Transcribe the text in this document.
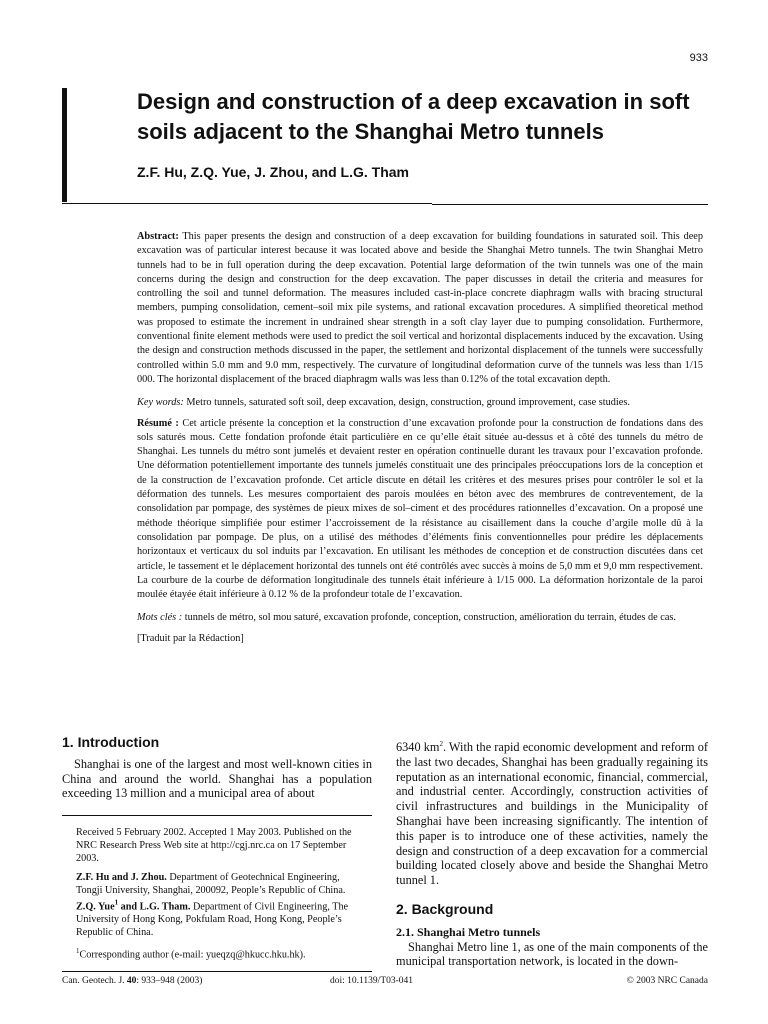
933
Design and construction of a deep excavation in soft soils adjacent to the Shanghai Metro tunnels

Z.F. Hu, Z.Q. Yue, J. Zhou, and L.G. Tham

Abstract: This paper presents the design and construction of a deep excavation for building foundations in saturated soil. This deep excavation was of particular interest because it was located above and beside the Shanghai Metro tunnels. The twin Shanghai Metro tunnels had to be in full operation during the deep excavation. Potential large deformation of the twin tunnels was one of the main concerns during the design and construction for the deep excavation. The paper discusses in detail the criteria and measures for controlling the soil and tunnel deformation. The measures included cast-in-place concrete diaphragm walls with bracing structural members, pumping consolidation, cement–soil mix pile systems, and rational excavation procedures. A simplified theoretical method was proposed to estimate the increment in undrained shear strength in a soft clay layer due to pumping consolidation. Furthermore, conventional finite element methods were used to predict the soil vertical and horizontal displacements induced by the excavation. Using the design and construction methods discussed in the paper, the settlement and horizontal displacement of the tunnels were successfully controlled within 5.0 mm and 9.0 mm, respectively. The curvature of longitudinal deformation curve of the tunnels was less than 1/15 000. The horizontal displacement of the braced diaphragm walls was less than 0.12% of the total excavation depth.

Key words: Metro tunnels, saturated soft soil, deep excavation, design, construction, ground improvement, case studies.

Résumé : Cet article présente la conception et la construction d’une excavation profonde pour la construction de fondations dans des sols saturés mous. Cette fondation profonde était particulière en ce qu’elle était située au-dessus et à côté des tunnels du métro de Shanghai. Les tunnels du métro sont jumelés et devaient rester en opération continuelle durant les travaux pour l’excavation profonde. Une déformation potentiellement importante des tunnels jumelés constituait une des principales préoccupations lors de la conception et de la construction de l’excavation profonde. Cet article discute en détail les critères et des mesures prises pour contrôler le sol et la déformation des tunnels. Les mesures comportaient des parois moulées en béton avec des membrures de contreventement, de la consolidation par pompage, des systèmes de pieux mixes de sol–ciment et des procédures rationnelles d’excavation. On a proposé une méthode théorique simplifiée pour estimer l’accroissement de la résistance au cisaillement dans la couche d’argile molle dû à la consolidation par pompage. De plus, on a utilisé des méthodes d’éléments finis conventionnelles pour prédire les déplacements horizontaux et verticaux du sol induits par l’excavation. En utilisant les méthodes de conception et de construction discutées dans cet article, le tassement et le déplacement horizontal des tunnels ont été contrôlés avec succès à moins de 5,0 mm et 9,0 mm respectivement. La courbure de la courbe de déformation longitudinale des tunnels était inférieure à 1/15 000. La déformation horizontale de la paroi moulée étayée était inférieure à 0.12 % de la profondeur totale de l’excavation.

Mots clés : tunnels de métro, sol mou saturé, excavation profonde, conception, construction, amélioration du terrain, études de cas.

[Traduit par la Rédaction]

1. Introduction

Shanghai is one of the largest and most well-known cities in China and around the world. Shanghai has a population exceeding 13 million and a municipal area of about

Received 5 February 2002. Accepted 1 May 2003. Published on the NRC Research Press Web site at http://cgj.nrc.ca on 17 September 2003.

Z.F. Hu and J. Zhou. Department of Geotechnical Engineering, Tongji University, Shanghai, 200092, People’s Republic of China.

Z.Q. Yue$^1$ and L.G. Tham. Department of Civil Engineering, The University of Hong Kong, Pokfulam Road, Hong Kong, People’s Republic of China.

$^1$Corresponding author (e-mail: yueqzq@hkucc.hku.hk).

6340 $km^2$. With the rapid economic development and reform of the last two decades, Shanghai has been gradually regaining its reputation as an international economic, financial, commercial, and industrial center. Accordingly, construction activities of civil infrastructures and buildings in the Municipality of Shanghai have been increasing significantly. The intention of this paper is to introduce one of these activities, namely the design and construction of a deep excavation for a commercial building located closely above and beside the Shanghai Metro tunnel 1.

2. Background
2.1. Shanghai Metro tunnels

Shanghai Metro line 1, as one of the main components of the municipal transportation network, is located in the down-

Can. Geotech. J. 40: 933–948 (2003)	doi: 10.1139/T03-041	© 2003 NRC Canada
